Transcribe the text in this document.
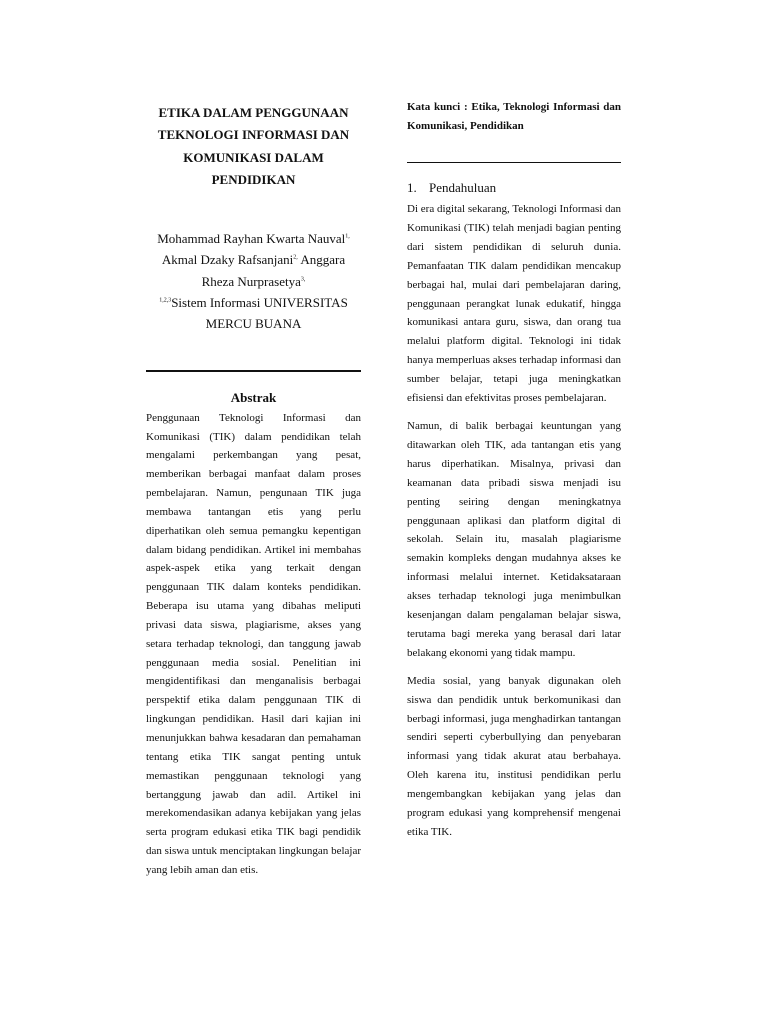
ETIKA DALAM PENGGUNAAN
TEKNOLOGI INFORMASI DAN
KOMUNIKASI DALAM
PENDIDIKAN
Mohammad Rayhan Kwarta Nauval$^{1,}$
Akmal Dzaky Rafsanjani$^{2,}$ Anggara
Rheza Nurprasetya$^{3,}$
$^{1,2,3}$Sistem Informasi UNIVERSITAS
MERCU BUANA
Abstrak
Penggunaan Teknologi Informasi dan Komunikasi (TIK) dalam pendidikan telah mengalami perkembangan yang pesat, memberikan berbagai manfaat dalam proses pembelajaran. Namun, pengunaan TIK juga membawa tantangan etis yang perlu diperhatikan oleh semua pemangku kepentigan dalam bidang pendidikan. Artikel ini membahas aspek-aspek etika yang terkait dengan penggunaan TIK dalam konteks pendidikan. Beberapa isu utama yang dibahas meliputi privasi data siswa, plagiarisme, akses yang setara terhadap teknologi, dan tanggung jawab penggunaan media sosial. Penelitian ini mengidentifikasi dan menganalisis berbagai perspektif etika dalam penggunaan TIK di lingkungan pendidikan. Hasil dari kajian ini menunjukkan bahwa kesadaran dan pemahaman tentang etika TIK sangat penting untuk memastikan penggunaan teknologi yang bertanggung jawab dan adil. Artikel ini merekomendasikan adanya kebijakan yang jelas serta program edukasi etika TIK bagi pendidik dan siswa untuk menciptakan lingkungan belajar yang lebih aman dan etis.
Kata kunci : Etika, Teknologi Informasi dan Komunikasi, Pendidikan
1. Pendahuluan

Di era digital sekarang, Teknologi Informasi dan Komunikasi (TIK) telah menjadi bagian penting dari sistem pendidikan di seluruh dunia. Pemanfaatan TIK dalam pendidikan mencakup berbagai hal, mulai dari pembelajaran daring, penggunaan perangkat lunak edukatif, hingga komunikasi antara guru, siswa, dan orang tua melalui platform digital. Teknologi ini tidak hanya memperluas akses terhadap informasi dan sumber belajar, tetapi juga meningkatkan efisiensi dan efektivitas proses pembelajaran.

Namun, di balik berbagai keuntungan yang ditawarkan oleh TIK, ada tantangan etis yang harus diperhatikan. Misalnya, privasi dan keamanan data pribadi siswa menjadi isu penting seiring dengan meningkatnya penggunaan aplikasi dan platform digital di sekolah. Selain itu, masalah plagiarisme semakin kompleks dengan mudahnya akses ke informasi melalui internet. Ketidaksataraan akses terhadap teknologi juga menimbulkan kesenjangan dalam pengalaman belajar siswa, terutama bagi mereka yang berasal dari latar belakang ekonomi yang tidak mampu.

Media sosial, yang banyak digunakan oleh siswa dan pendidik untuk berkomunikasi dan berbagi informasi, juga menghadirkan tantangan sendiri seperti cyberbullying dan penyebaran informasi yang tidak akurat atau berbahaya. Oleh karena itu, institusi pendidikan perlu mengembangkan kebijakan yang jelas dan program edukasi yang komprehensif mengenai etika TIK.
